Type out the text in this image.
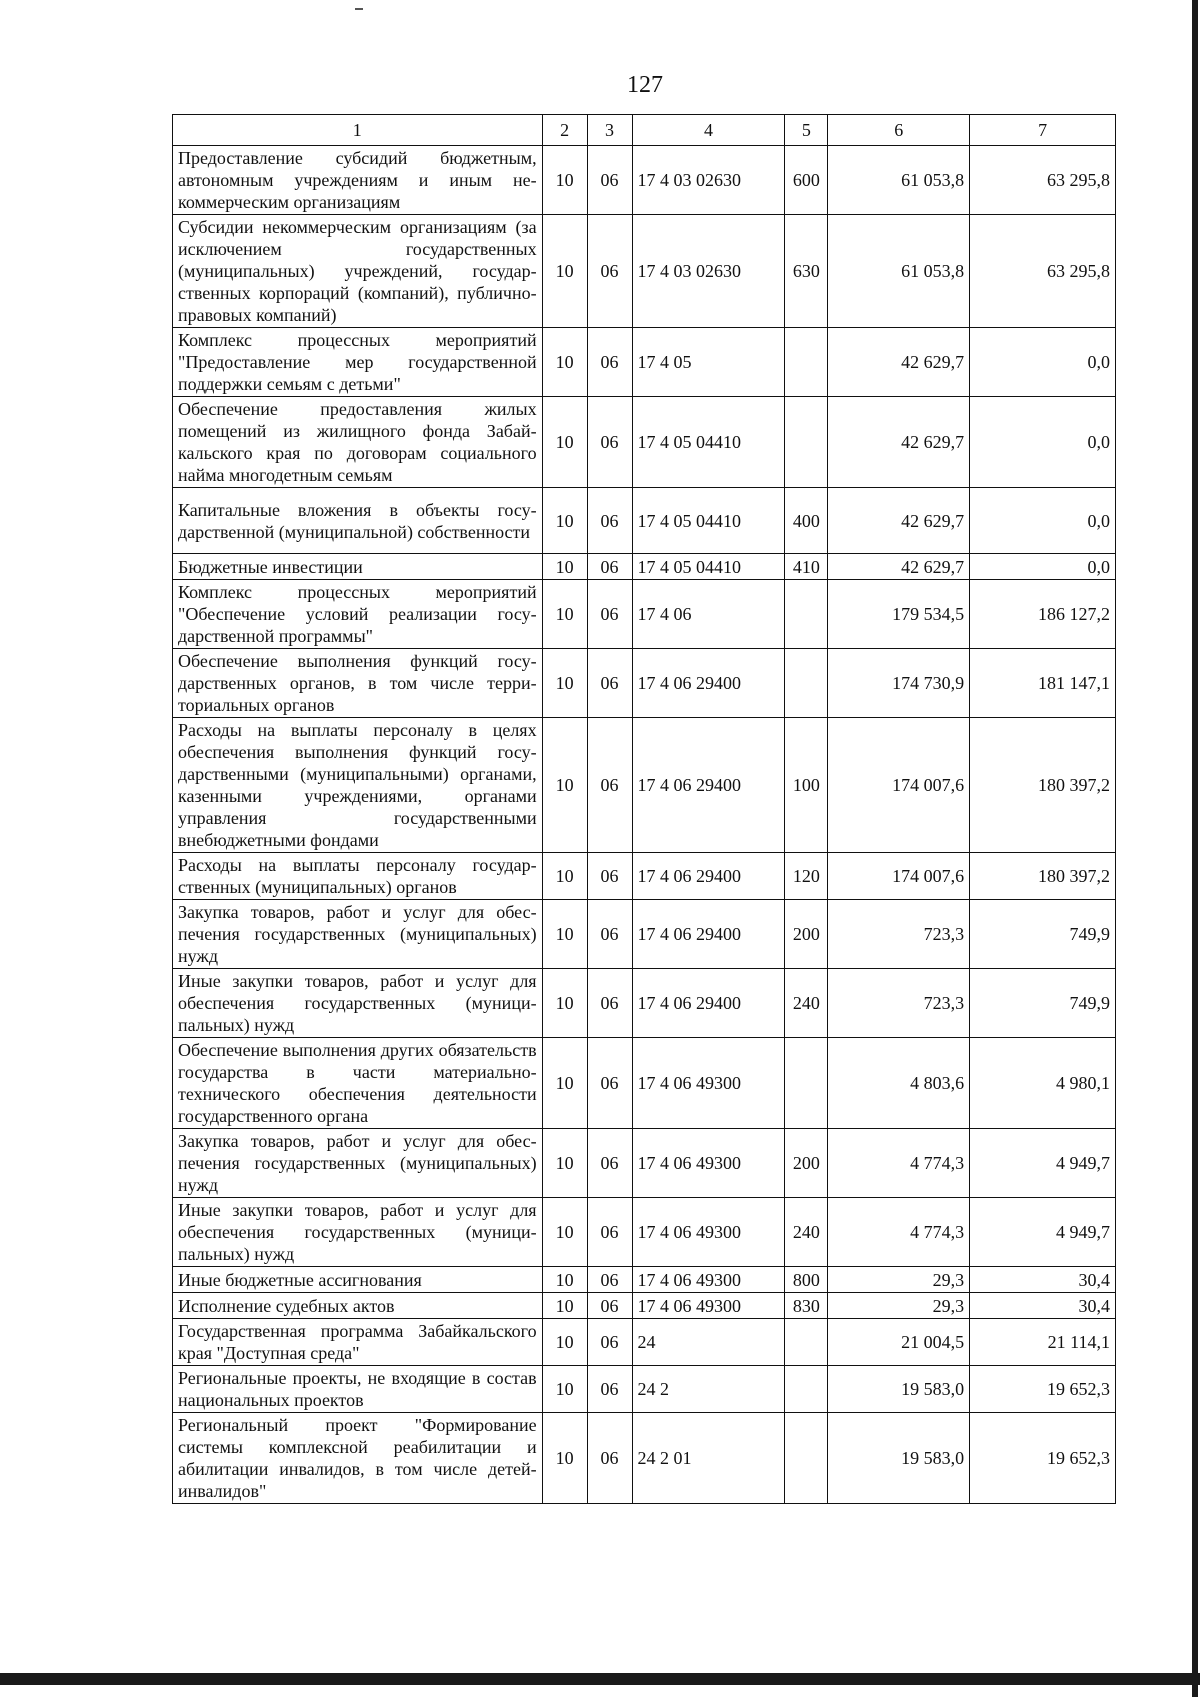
127
1	2	3	4	5	6	7
Предоставление субсидий бюджетным, автономным учреждениям и иным некоммерческим организациям	10	06	17 4 03 02630	600	61 053,8	63 295,8
Субсидии некоммерческим организациям (за исключением государственных (муниципальных) учреждений, государственных корпораций (компаний), публично-правовых компаний)	10	06	17 4 03 02630	630	61 053,8	63 295,8
Комплекс процессных мероприятий "Предоставление мер государственной поддержки семьям с детьми"	10	06	17 4 05		42 629,7	0,0
Обеспечение предоставления жилых помещений из жилищного фонда Забайкальского края по договорам социального найма многодетным семьям	10	06	17 4 05 04410		42 629,7	0,0
Капитальные вложения в объекты государственной (муниципальной) собственности	10	06	17 4 05 04410	400	42 629,7	0,0
Бюджетные инвестиции	10	06	17 4 05 04410	410	42 629,7	0,0
Комплекс процессных мероприятий "Обеспечение условий реализации государственной программы"	10	06	17 4 06		179 534,5	186 127,2
Обеспечение выполнения функций государственных органов, в том числе территориальных органов	10	06	17 4 06 29400		174 730,9	181 147,1
Расходы на выплаты персоналу в целях обеспечения выполнения функций государственными (муниципальными) органами, казенными учреждениями, органами управления государственными внебюджетными фондами	10	06	17 4 06 29400	100	174 007,6	180 397,2
Расходы на выплаты персоналу государственных (муниципальных) органов	10	06	17 4 06 29400	120	174 007,6	180 397,2
Закупка товаров, работ и услуг для обеспечения государственных (муниципальных) нужд	10	06	17 4 06 29400	200	723,3	749,9
Иные закупки товаров, работ и услуг для обеспечения государственных (муниципальных) нужд	10	06	17 4 06 29400	240	723,3	749,9
Обеспечение выполнения других обязательств государства в части материально-технического обеспечения деятельности государственного органа	10	06	17 4 06 49300		4 803,6	4 980,1
Закупка товаров, работ и услуг для обеспечения государственных (муниципальных) нужд	10	06	17 4 06 49300	200	4 774,3	4 949,7
Иные закупки товаров, работ и услуг для обеспечения государственных (муниципальных) нужд	10	06	17 4 06 49300	240	4 774,3	4 949,7
Иные бюджетные ассигнования	10	06	17 4 06 49300	800	29,3	30,4
Исполнение судебных актов	10	06	17 4 06 49300	830	29,3	30,4
Государственная программа Забайкальского края "Доступная среда"	10	06	24		21 004,5	21 114,1
Региональные проекты, не входящие в состав национальных проектов	10	06	24 2		19 583,0	19 652,3
Региональный проект "Формирование системы комплексной реабилитации и абилитации инвалидов, в том числе детей-инвалидов"	10	06	24 2 01		19 583,0	19 652,3
